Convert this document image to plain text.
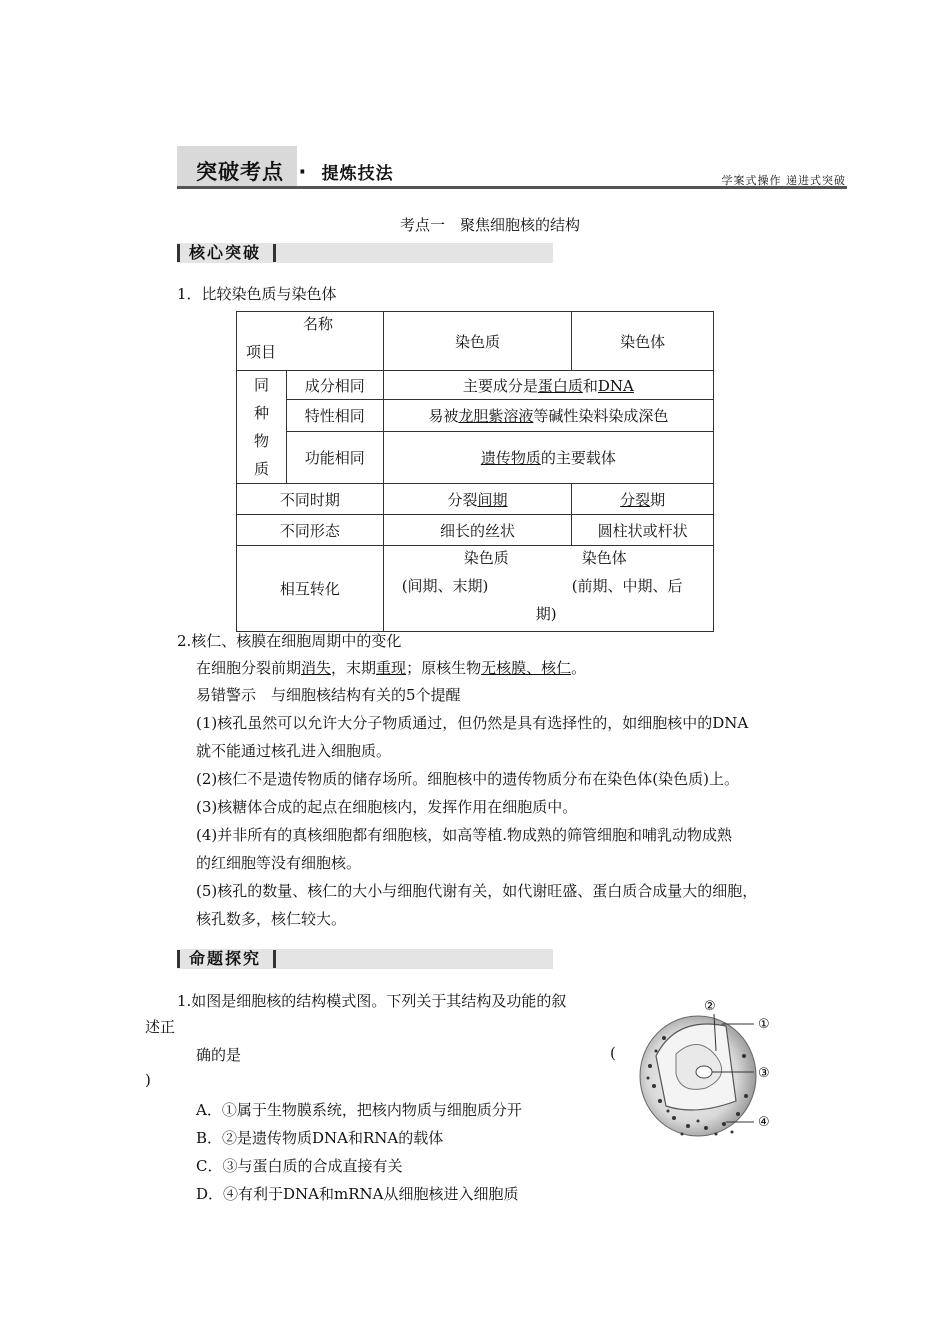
突破考点 · 提炼技法	学案式操作 递进式突破
考点一　聚焦细胞核的结构
核心突破
1．比较染色质与染色体
名称
项目		染色质	染色体

同
种
物
质	成分相同	主要成分是蛋白质和DNA	
	特性相同	易被龙胆紫溶液等碱性染料染成深色	
	功能相同	遗传物质的主要载体	
不同时期		分裂间期	分裂期
不同形态		细长的丝状	圆柱状或杆状
相互转化		染色质 染色体
(间期、末期) (前期、中期、后
期)	
2.核仁、核膜在细胞周期中的变化
在细胞分裂前期消失，末期重现；原核生物无核膜、核仁。
易错警示　与细胞核结构有关的5个提醒
(1)核孔虽然可以允许大分子物质通过，但仍然是具有选择性的，如细胞核中的DNA
就不能通过核孔进入细胞质。
(2)核仁不是遗传物质的储存场所。细胞核中的遗传物质分布在染色体(染色质)上。
(3)核糖体合成的起点在细胞核内，发挥作用在细胞质中。
(4)并非所有的真核细胞都有细胞核，如高等植.物成熟的筛管细胞和哺乳动物成熟
的红细胞等没有细胞核。
(5)核孔的数量、核仁的大小与细胞代谢有关，如代谢旺盛、蛋白质合成量大的细胞，
核孔数多，核仁较大。
命题探究
1.如图是细胞核的结构模式图。下列关于其结构及功能的叙
述正
确的是	(
)
A．①属于生物膜系统，把核内物质与细胞质分开
B．②是遗传物质DNA和RNA的载体
C．③与蛋白质的合成直接有关
D．④有利于DNA和mRNA从细胞核进入细胞质
②
①
③
④
